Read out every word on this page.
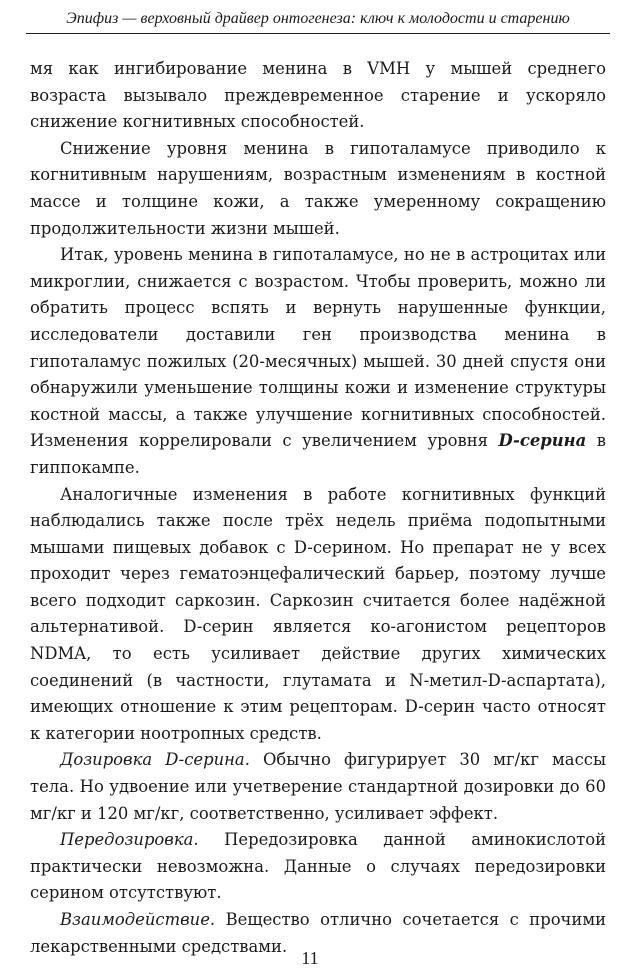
Эпифиз — верховный драйвер онтогенеза: ключ к молодости и старению

мя как ингибирование менина в VMH у мышей среднего возраста вызывало преждевременное старение и ускоряло снижение когнитивных способностей.

Снижение уровня менина в гипоталамусе приводило к когнитивным нарушениям, возрастным изменениям в костной массе и толщине кожи, а также умеренному сокращению продолжительности жизни мышей.

Итак, уровень менина в гипоталамусе, но не в астроцитах или микроглии, снижается с возрастом. Чтобы проверить, можно ли обратить процесс вспять и вернуть нарушенные функции, исследователи доставили ген производства менина в гипоталамус пожилых (20-месячных) мышей. 30 дней спустя они обнаружили уменьшение толщины кожи и изменение структуры костной массы, а также улучшение когнитивных способностей. Изменения коррелировали с увеличением уровня D-серина в гиппокампе.

Аналогичные изменения в работе когнитивных функций наблюдались также после трёх недель приёма подопытными мышами пищевых добавок с D-серином. Но препарат не у всех проходит через гематоэнцефалический барьер, поэтому лучше всего подходит саркозин. Саркозин считается более надёжной альтернативой. D-серин является ко-агонистом рецепторов NDMA, то есть усиливает действие других химических соединений (в частности, глутамата и N-метил-D-аспартата), имеющих отношение к этим рецепторам. D-серин часто относят к категории ноотропных средств.

Дозировка D-серина. Обычно фигурирует 30 мг/кг массы тела. Но удвоение или учетверение стандартной дозировки до 60 мг/кг и 120 мг/кг, соответственно, усиливает эффект.

Передозировка. Передозировка данной аминокислотой практически невозможна. Данные о случаях передозировки серином отсутствуют.

Взаимодействие. Вещество отлично сочетается с прочими лекарственными средствами.

11
